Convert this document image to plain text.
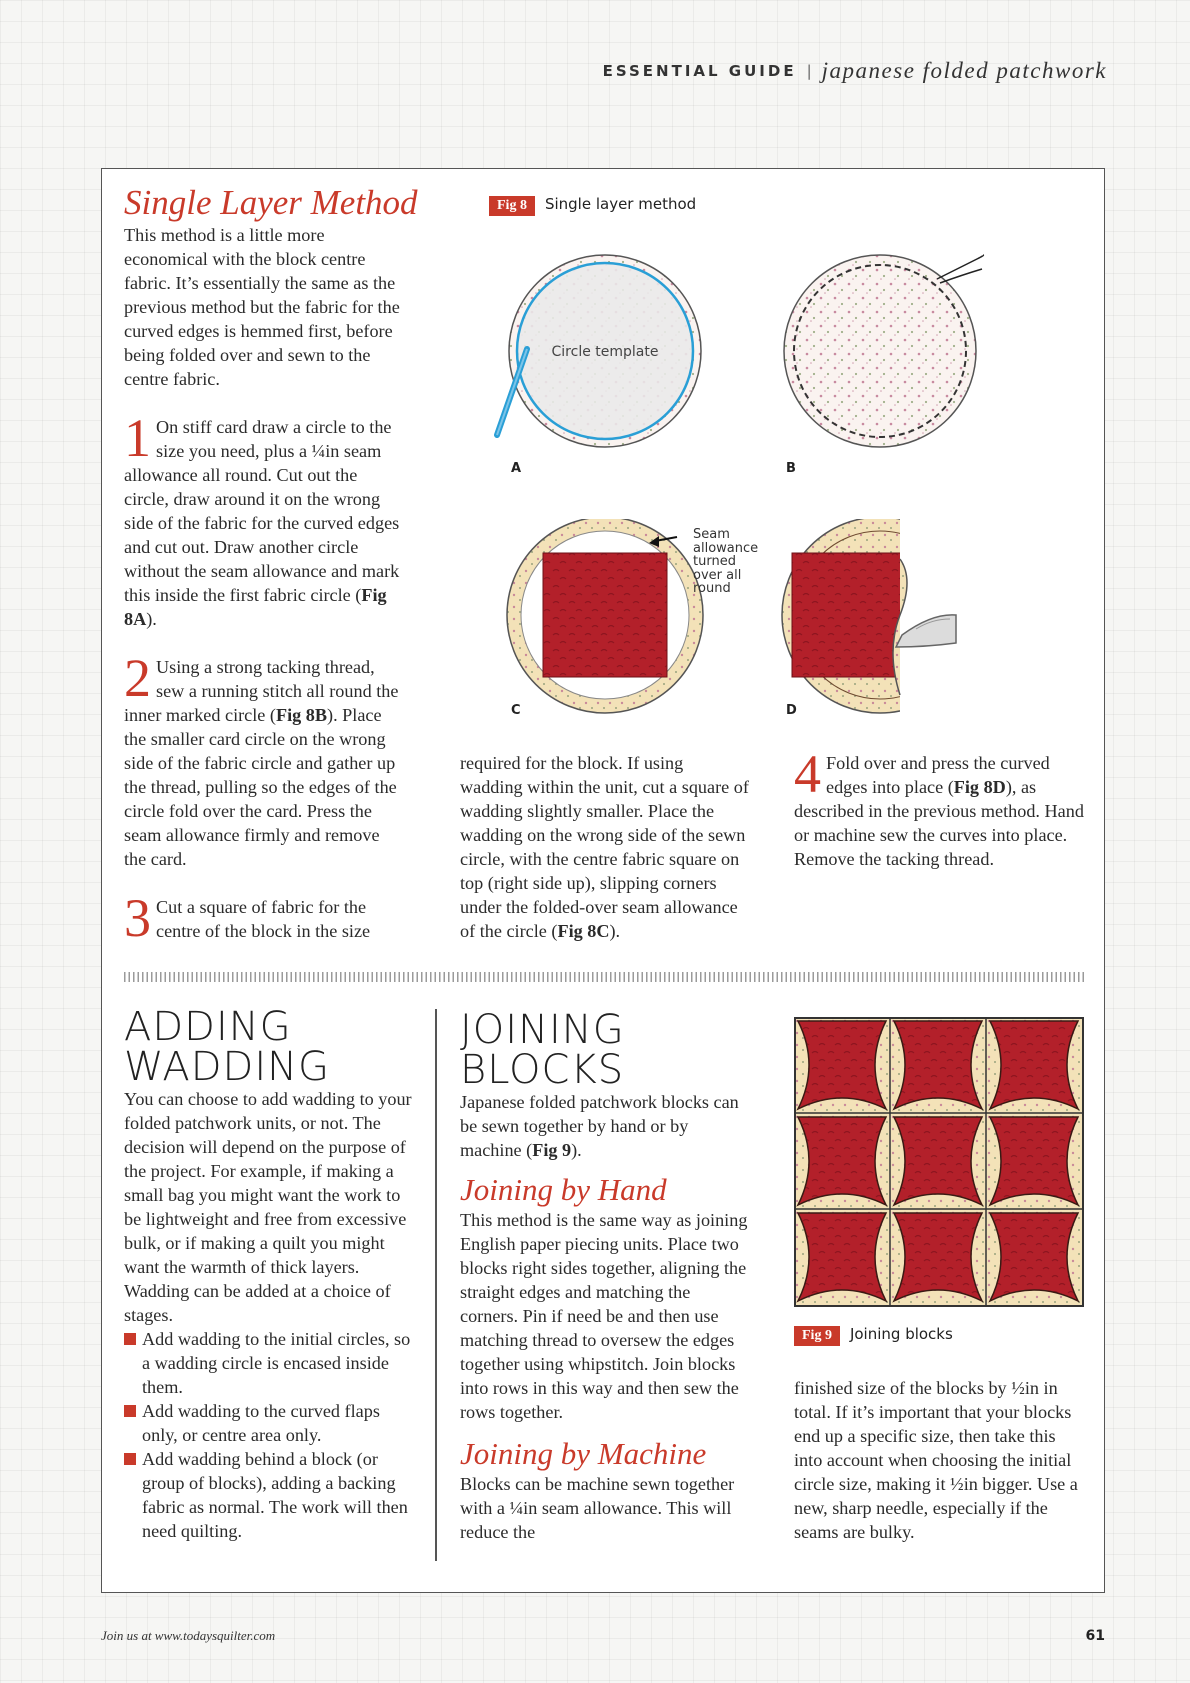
ESSENTIAL GUIDE | japanese folded patchwork
Single Layer Method

This method is a little more economical with the block centre fabric. It’s essentially the same as the previous method but the fabric for the curved edges is hemmed first, before being folded over and sewn to the centre fabric.

1 On stiff card draw a circle to the size you need, plus a ¼in seam allowance all round. Cut out the circle, draw around it on the wrong side of the fabric for the curved edges and cut out. Draw another circle without the seam allowance and mark this inside the first fabric circle (Fig 8A).

2 Using a strong tacking thread, sew a running stitch all round the inner marked circle (Fig 8B). Place the smaller card circle on the wrong side of the fabric circle and gather up the thread, pulling so the edges of the circle fold over the card. Press the seam allowance firmly and remove the card.

3 Cut a square of fabric for the centre of the block in the size

Fig 8 Single layer method
Circle template
A	B
Seam
allowance
turned
over all
round
C	D

required for the block. If using wadding within the unit, cut a square of wadding slightly smaller. Place the wadding on the wrong side of the sewn circle, with the centre fabric square on top (right side up), slipping corners under the folded-over seam allowance of the circle (Fig 8C).

4 Fold over and press the curved edges into place (Fig 8D), as described in the previous method. Hand or machine sew the curves into place. Remove the tacking thread.

ADDING
WADDING

You can choose to add wadding to your folded patchwork units, or not. The decision will depend on the purpose of the project. For example, if making a small bag you might want the work to be lightweight and free from excessive bulk, or if making a quilt you might want the warmth of thick layers. Wadding can be added at a choice of stages.

Add wadding to the initial circles, so a wadding circle is encased inside them.
Add wadding to the curved flaps only, or centre area only.
Add wadding behind a block (or group of blocks), adding a backing fabric as normal. The work will then need quilting.
JOINING
BLOCKS

Japanese folded patchwork blocks can be sewn together by hand or by machine (Fig 9).

Joining by Hand

This method is the same way as joining English paper piecing units. Place two blocks right sides together, aligning the straight edges and matching the corners. Pin if need be and then use matching thread to oversew the edges together using whipstitch. Join blocks into rows in this way and then sew the rows together.

Joining by Machine

Blocks can be machine sewn together with a ¼in seam allowance. This will reduce the

Fig 9 Joining blocks

finished size of the blocks by ½in in total. If it’s important that your blocks end up a specific size, then take this into account when choosing the initial circle size, making it ½in bigger. Use a new, sharp needle, especially if the seams are bulky.

Join us at www.todaysquilter.com	61
